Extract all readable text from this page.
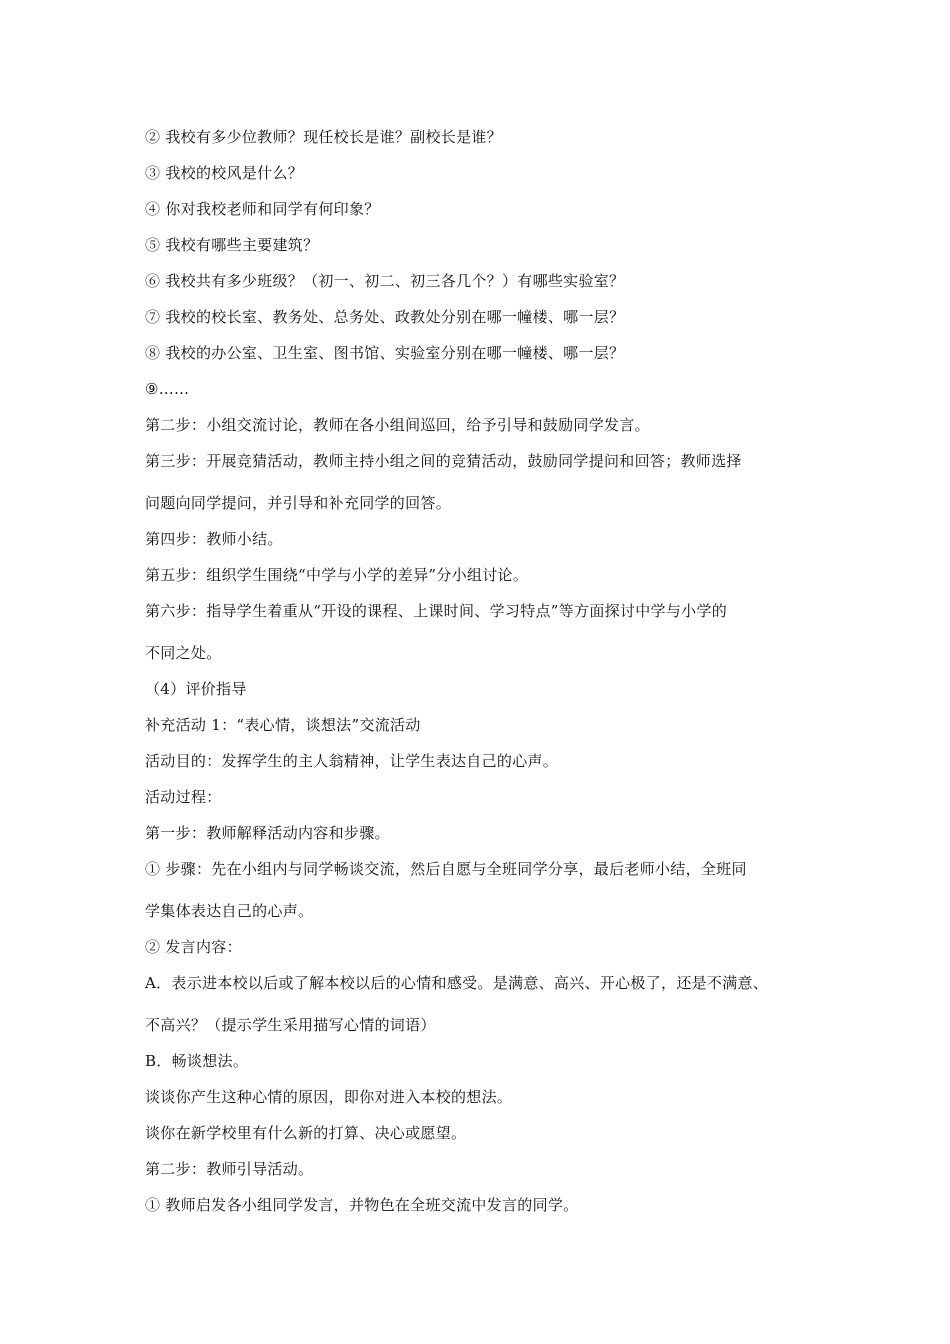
② 我校有多少位教师？现任校长是谁？副校长是谁？
③ 我校的校风是什么？
④ 你对我校老师和同学有何印象？
⑤ 我校有哪些主要建筑？
⑥ 我校共有多少班级？（初一、初二、初三各几个？）有哪些实验室？
⑦ 我校的校长室、教务处、总务处、政教处分别在哪一幢楼、哪一层？
⑧ 我校的办公室、卫生室、图书馆、实验室分别在哪一幢楼、哪一层？
⑨……
第二步：小组交流讨论，教师在各小组间巡回，给予引导和鼓励同学发言。
第三步：开展竞猜活动，教师主持小组之间的竞猜活动，鼓励同学提问和回答；教师选择
问题向同学提问，并引导和补充同学的回答。
第四步：教师小结。
第五步：组织学生围绕“中学与小学的差异”分小组讨论。
第六步：指导学生着重从“开设的课程、上课时间、学习特点”等方面探讨中学与小学的
不同之处。
（4）评价指导
补充活动 1：“表心情，谈想法”交流活动
活动目的：发挥学生的主人翁精神，让学生表达自己的心声。
活动过程：
第一步：教师解释活动内容和步骤。
① 步骤：先在小组内与同学畅谈交流，然后自愿与全班同学分享，最后老师小结，全班同
学集体表达自己的心声。
② 发言内容：
A．表示进本校以后或了解本校以后的心情和感受。是满意、高兴、开心极了，还是不满意、
不高兴？（提示学生采用描写心情的词语）
B．畅谈想法。
谈谈你产生这种心情的原因，即你对进入本校的想法。
谈你在新学校里有什么新的打算、决心或愿望。
第二步：教师引导活动。
① 教师启发各小组同学发言，并物色在全班交流中发言的同学。
